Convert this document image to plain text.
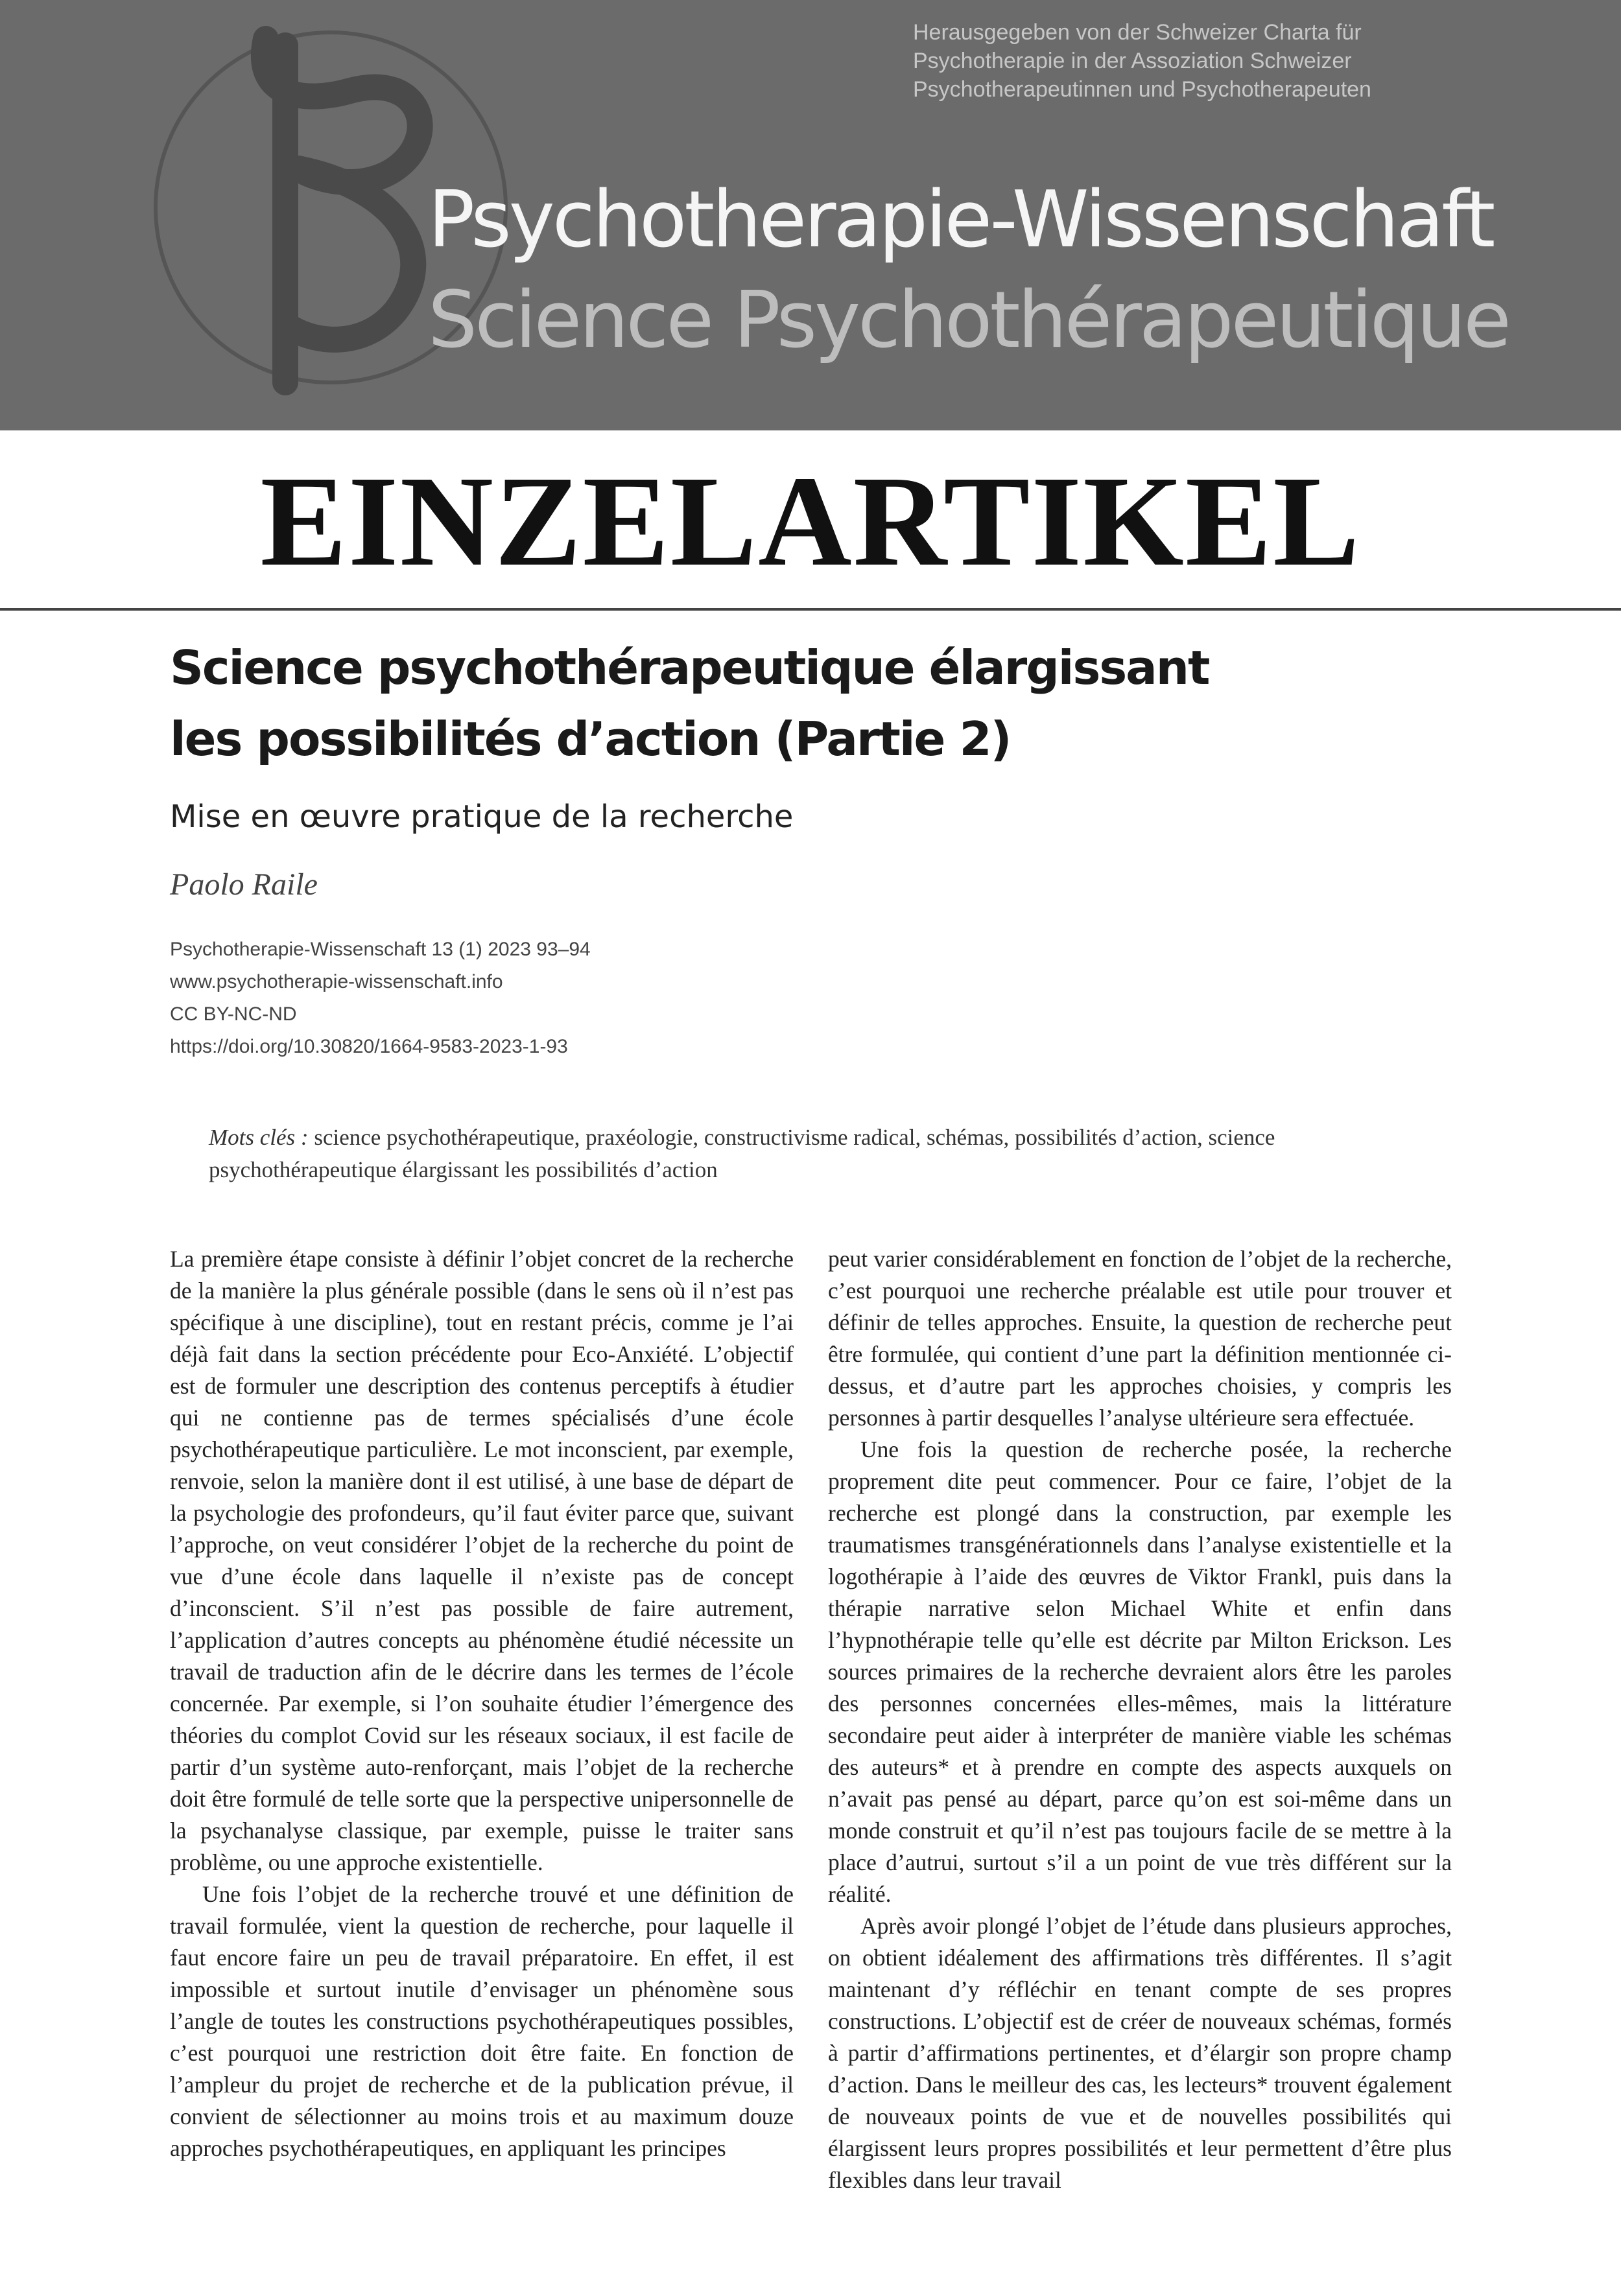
Herausgegeben von der Schweizer Charta für
Psychotherapie in der Assoziation Schweizer
Psychotherapeutinnen und Psychotherapeuten
Psychotherapie-Wissenschaft
Science Psychothérapeutique
EINZELARTIKEL
Science psychothérapeutique élargissant
les possibilités d’action (Partie 2)
Mise en œuvre pratique de la recherche
Paolo Raile
Psychotherapie-Wissenschaft 13 (1) 2023 93–94
www.psychotherapie-wissenschaft.info
CC BY-NC-ND
https://doi.org/10.30820/1664-9583-2023-1-93
Mots clés : science psychothérapeutique, praxéologie, constructivisme radical, schémas, possibilités d’action, science psychothérapeutique élargissant les possibilités d’action

La première étape consiste à définir l’objet concret de la recherche de la manière la plus générale possible (dans le sens où il n’est pas spécifique à une discipline), tout en restant précis, comme je l’ai déjà fait dans la section précédente pour Eco-Anxiété. L’objectif est de formuler une description des contenus perceptifs à étudier qui ne contienne pas de termes spécialisés d’une école psychothérapeutique particulière. Le mot inconscient, par exemple, renvoie, selon la manière dont il est utilisé, à une base de départ de la psychologie des profondeurs, qu’il faut éviter parce que, suivant l’approche, on veut considérer l’objet de la recherche du point de vue d’une école dans laquelle il n’existe pas de concept d’inconscient. S’il n’est pas possible de faire autrement, l’application d’autres concepts au phénomène étudié nécessite un travail de traduction afin de le décrire dans les termes de l’école concernée. Par exemple, si l’on souhaite étudier l’émergence des théories du complot Covid sur les réseaux sociaux, il est facile de partir d’un système auto-renforçant, mais l’objet de la recherche doit être formulé de telle sorte que la perspective unipersonnelle de la psychanalyse classique, par exemple, puisse le traiter sans problème, ou une approche existentielle.

Une fois l’objet de la recherche trouvé et une définition de travail formulée, vient la question de recherche, pour laquelle il faut encore faire un peu de travail préparatoire. En effet, il est impossible et surtout inutile d’envisager un phénomène sous l’angle de toutes les constructions psychothérapeutiques possibles, c’est pourquoi une restriction doit être faite. En fonction de l’ampleur du projet de recherche et de la publication prévue, il convient de sélectionner au moins trois et au maximum douze approches psychothérapeutiques, en appliquant les principes

peut varier considérablement en fonction de l’objet de la recherche, c’est pourquoi une recherche préalable est utile pour trouver et définir de telles approches. Ensuite, la question de recherche peut être formulée, qui contient d’une part la définition mentionnée ci-dessus, et d’autre part les approches choisies, y compris les personnes à partir desquelles l’analyse ultérieure sera effectuée.

Une fois la question de recherche posée, la recherche proprement dite peut commencer. Pour ce faire, l’objet de la recherche est plongé dans la construction, par exemple les traumatismes transgénérationnels dans l’analyse existentielle et la logothérapie à l’aide des œuvres de Viktor Frankl, puis dans la thérapie narrative selon Michael White et enfin dans l’hypnothérapie telle qu’elle est décrite par Milton Erickson. Les sources primaires de la recherche devraient alors être les paroles des personnes concernées elles-mêmes, mais la littérature secondaire peut aider à interpréter de manière viable les schémas des auteurs* et à prendre en compte des aspects auxquels on n’avait pas pensé au départ, parce qu’on est soi-même dans un monde construit et qu’il n’est pas toujours facile de se mettre à la place d’autrui, surtout s’il a un point de vue très différent sur la réalité.

Après avoir plongé l’objet de l’étude dans plusieurs approches, on obtient idéalement des affirmations très différentes. Il s’agit maintenant d’y réfléchir en tenant compte de ses propres constructions. L’objectif est de créer de nouveaux schémas, formés à partir d’affirmations pertinentes, et d’élargir son propre champ d’action. Dans le meilleur des cas, les lecteurs* trouvent également de nouveaux points de vue et de nouvelles possibilités qui élargissent leurs propres possibilités et leur permettent d’être plus flexibles dans leur travail
